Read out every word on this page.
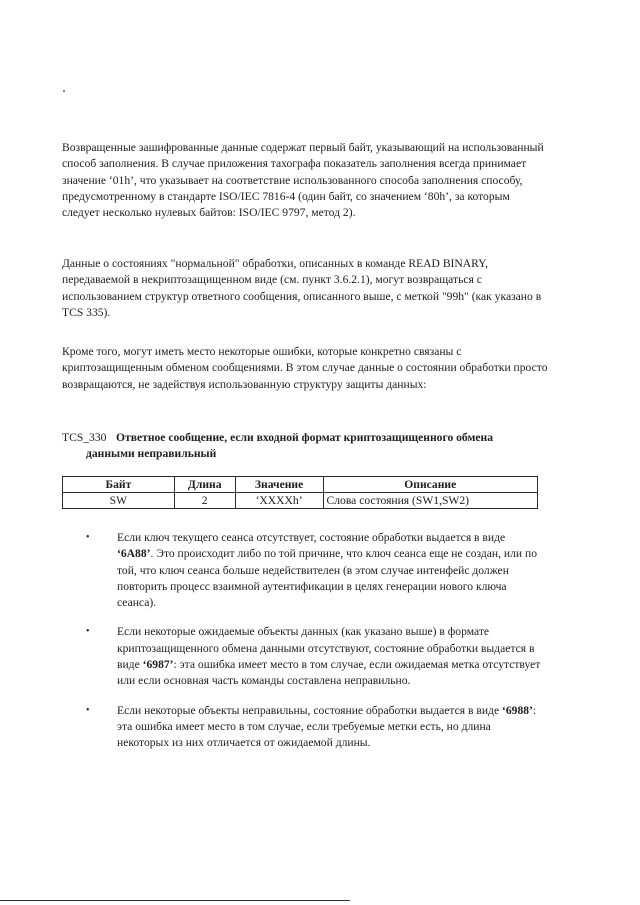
Возвращенные зашифрованные данные содержат первый байт, указывающий на использованный способ заполнения. В случае приложения тахографа показатель заполнения всегда принимает значение ‘01h’, что указывает на соответствие использованного способа заполнения способу, предусмотренному в стандарте ISO/IEC 7816-4 (один байт, со значением ‘80h’, за которым следует несколько нулевых байтов: ISO/IEC 9797, метод 2).

Данные о состояниях "нормальной" обработки, описанных в команде READ BINARY, передаваемой в некриптозащищенном виде (см. пункт 3.6.2.1), могут возвращаться с использованием структур ответного сообщения, описанного выше, с меткой "99h" (как указано в TCS 335).

Кроме того, могут иметь место некоторые ошибки, которые конкретно связаны с криптозащищенным обменом сообщениями. В этом случае данные о состоянии обработки просто возвращаются, не задействуя использованную структуру защиты данных:

TCS_330 Ответное сообщение, если входной формат криптозащищенного обмена
данными неправильный
Байт	Длина	Значение	Описание
SW	2	‘XXXXh’	Слова состояния (SW1,SW2)
• Если ключ текущего сеанса отсутствует, состояние обработки выдается в виде ‘6A88’. Это происходит либо по той причине, что ключ сеанса еще не создан, или по той, что ключ сеанса больше недействителен (в этом случае интенфейс должен повторить процесс взаимной аутентификации в целях генерации нового ключа сеанса).
• Если некоторые ожидаемые объекты данных (как указано выше) в формате криптозащищенного обмена данными отсутствуют, состояние обработки выдается в виде ‘6987’: эта ошибка имеет место в том случае, если ожидаемая метка отсутствует или если основная часть команды составлена неправильно.
• Если некоторые объекты неправильны, состояние обработки выдается в виде ‘6988’: эта ошибка имеет место в том случае, если требуемые метки есть, но длина некоторых из них отличается от ожидаемой длины.
